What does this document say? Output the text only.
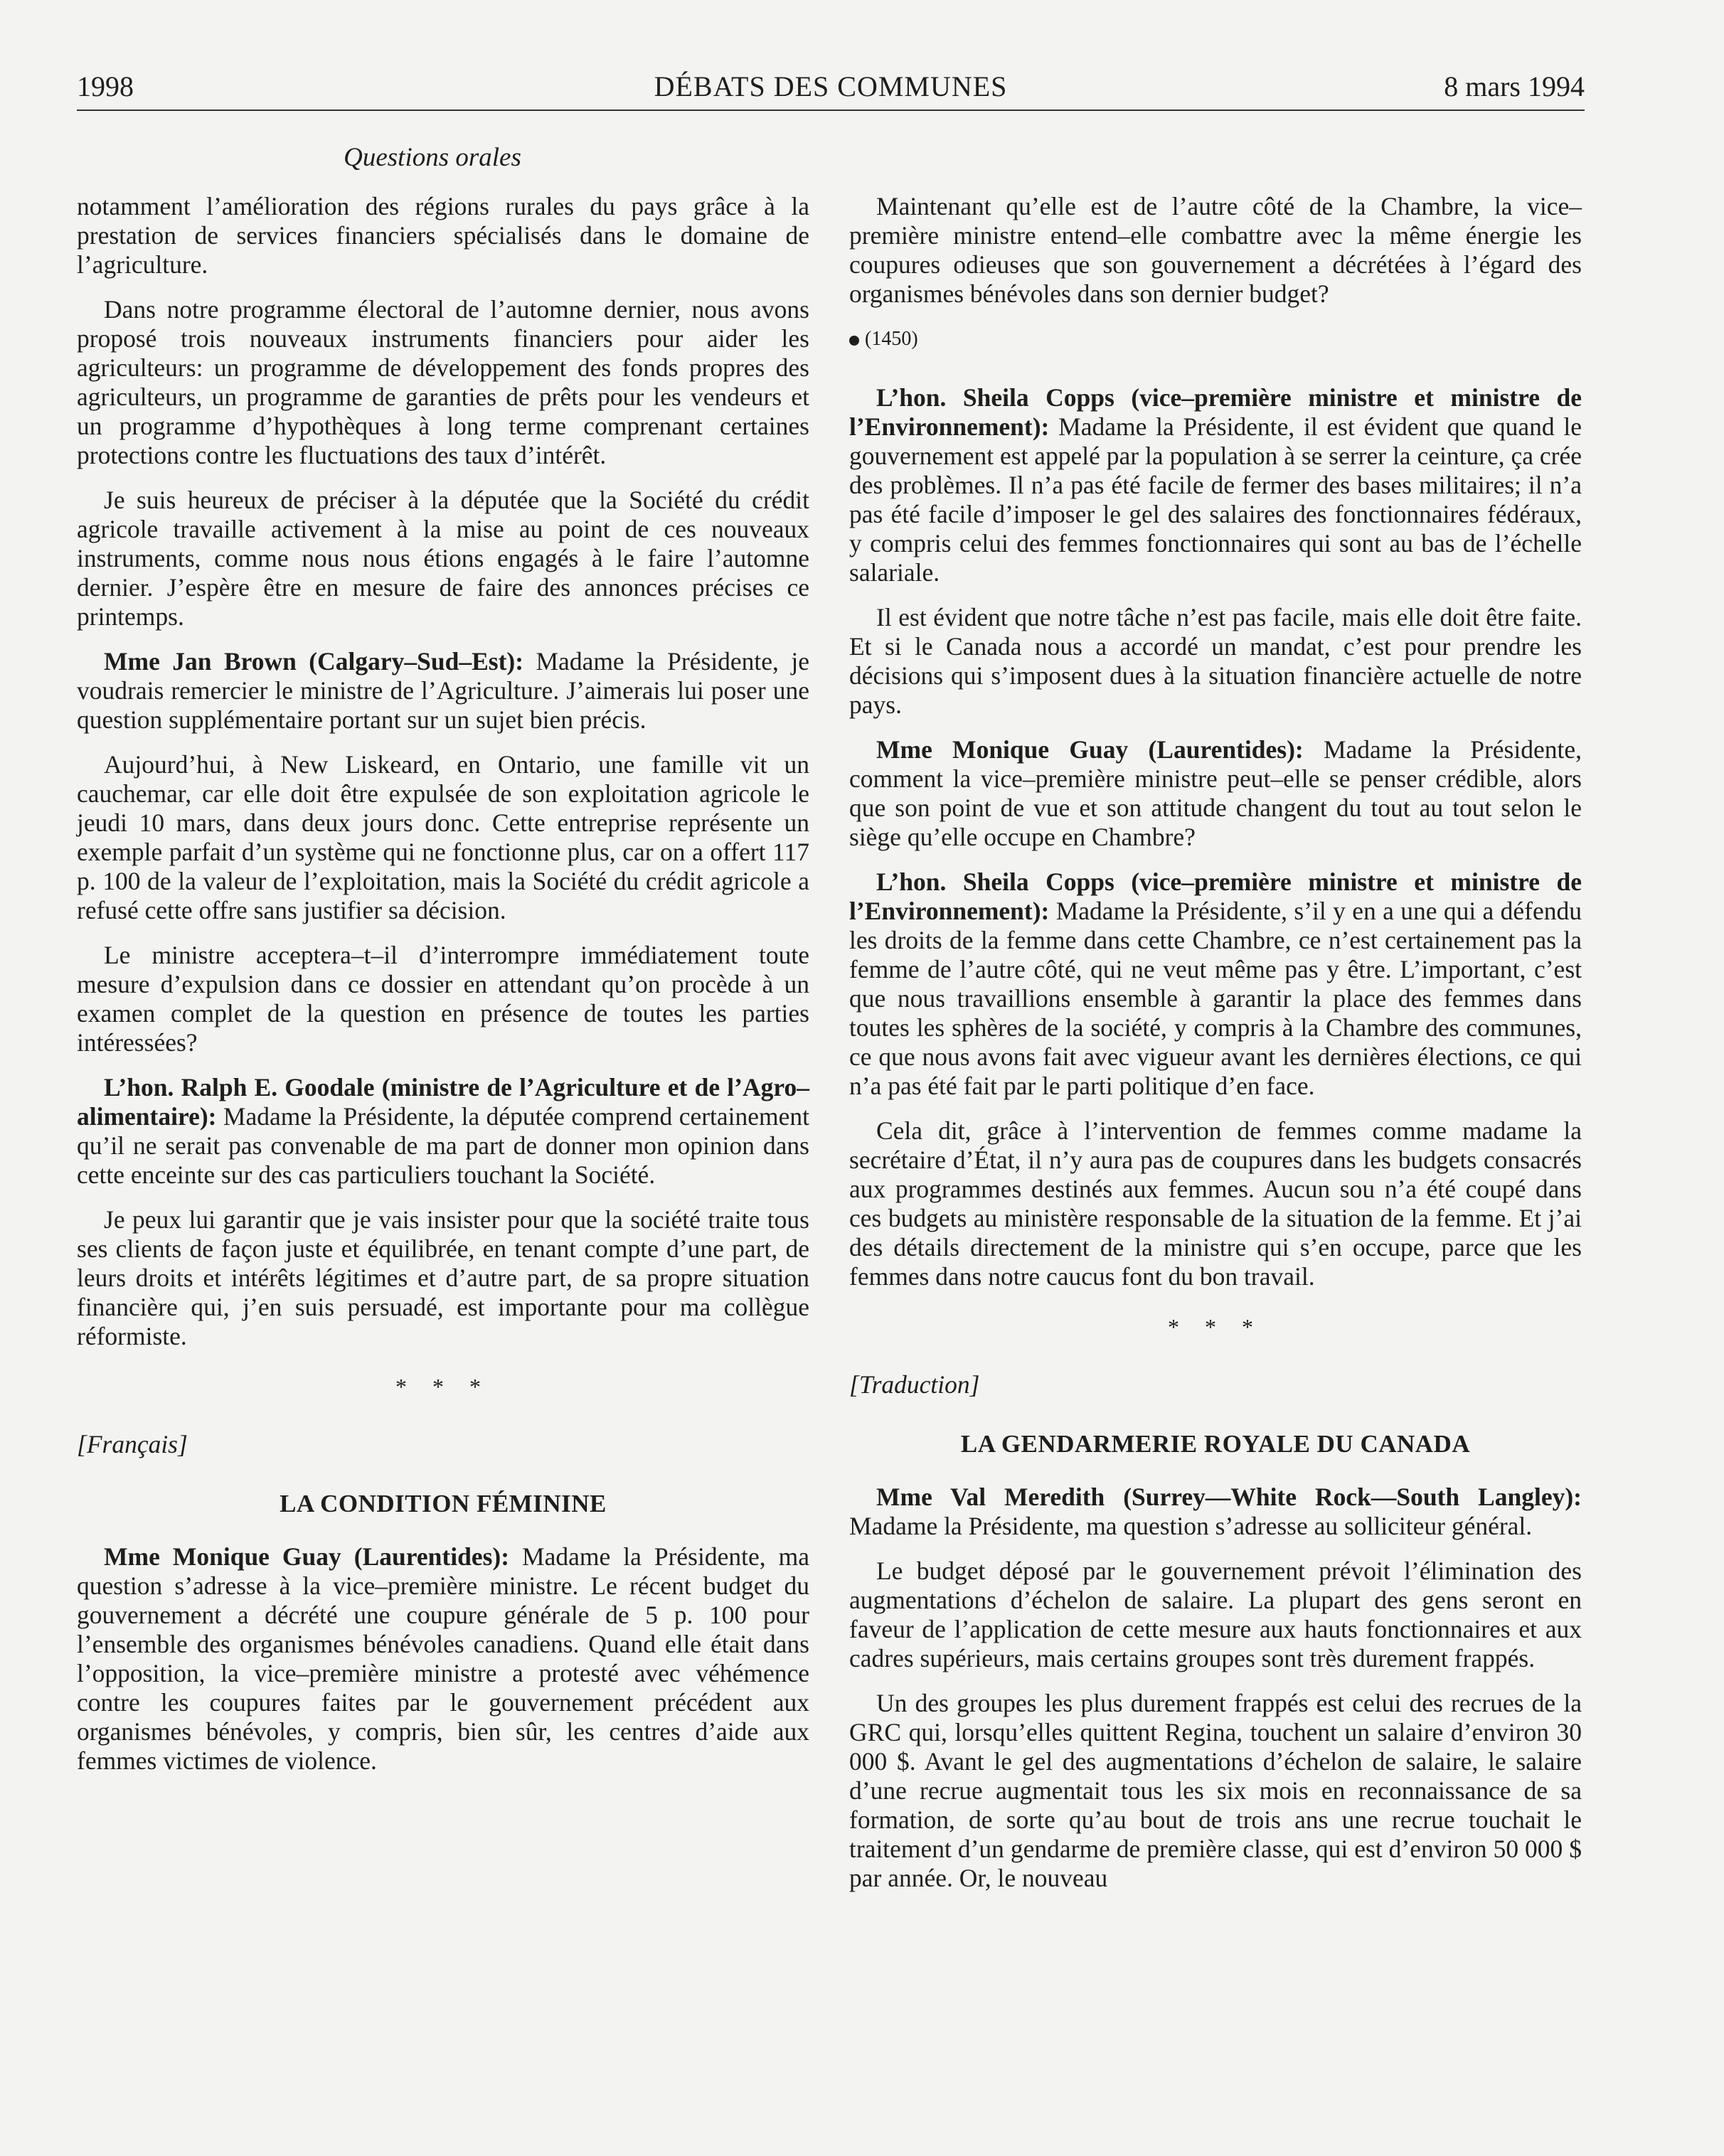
1998	DÉBATS DES COMMUNES	8 mars 1994
Questions orales

notamment l’amélioration des régions rurales du pays grâce à la prestation de services financiers spécialisés dans le domaine de l’agriculture.

Dans notre programme électoral de l’automne dernier, nous avons proposé trois nouveaux instruments financiers pour aider les agriculteurs: un programme de développement des fonds propres des agriculteurs, un programme de garanties de prêts pour les vendeurs et un programme d’hypothèques à long terme comprenant certaines protections contre les fluctuations des taux d’intérêt.

Je suis heureux de préciser à la députée que la Société du crédit agricole travaille activement à la mise au point de ces nouveaux instruments, comme nous nous étions engagés à le faire l’automne dernier. J’espère être en mesure de faire des annonces précises ce printemps.

Mme Jan Brown (Calgary–Sud–Est): Madame la Présidente, je voudrais remercier le ministre de l’Agriculture. J’aimerais lui poser une question supplémentaire portant sur un sujet bien précis.

Aujourd’hui, à New Liskeard, en Ontario, une famille vit un cauchemar, car elle doit être expulsée de son exploitation agricole le jeudi 10 mars, dans deux jours donc. Cette entreprise représente un exemple parfait d’un système qui ne fonctionne plus, car on a offert 117 p. 100 de la valeur de l’exploitation, mais la Société du crédit agricole a refusé cette offre sans justifier sa décision.

Le ministre acceptera–t–il d’interrompre immédiatement toute mesure d’expulsion dans ce dossier en attendant qu’on procède à un examen complet de la question en présence de toutes les parties intéressées?

L’hon. Ralph E. Goodale (ministre de l’Agriculture et de l’Agro–alimentaire): Madame la Présidente, la députée comprend certainement qu’il ne serait pas convenable de ma part de donner mon opinion dans cette enceinte sur des cas particuliers touchant la Société.

Je peux lui garantir que je vais insister pour que la société traite tous ses clients de façon juste et équilibrée, en tenant compte d’une part, de leurs droits et intérêts légitimes et d’autre part, de sa propre situation financière qui, j’en suis persuadé, est importante pour ma collègue réformiste.

* * *
[Français]
LA CONDITION FÉMININE

Mme Monique Guay (Laurentides): Madame la Présidente, ma question s’adresse à la vice–première ministre. Le récent budget du gouvernement a décrété une coupure générale de 5 p. 100 pour l’ensemble des organismes bénévoles canadiens. Quand elle était dans l’opposition, la vice–première ministre a protesté avec véhémence contre les coupures faites par le gouvernement précédent aux organismes bénévoles, y compris, bien sûr, les centres d’aide aux femmes victimes de violence.

Maintenant qu’elle est de l’autre côté de la Chambre, la vice–première ministre entend–elle combattre avec la même énergie les coupures odieuses que son gouvernement a décrétées à l’égard des organismes bénévoles dans son dernier budget?

(1450)

L’hon. Sheila Copps (vice–première ministre et ministre de l’Environnement): Madame la Présidente, il est évident que quand le gouvernement est appelé par la population à se serrer la ceinture, ça crée des problèmes. Il n’a pas été facile de fermer des bases militaires; il n’a pas été facile d’imposer le gel des salaires des fonctionnaires fédéraux, y compris celui des femmes fonctionnaires qui sont au bas de l’échelle salariale.

Il est évident que notre tâche n’est pas facile, mais elle doit être faite. Et si le Canada nous a accordé un mandat, c’est pour prendre les décisions qui s’imposent dues à la situation financière actuelle de notre pays.

Mme Monique Guay (Laurentides): Madame la Présidente, comment la vice–première ministre peut–elle se penser crédible, alors que son point de vue et son attitude changent du tout au tout selon le siège qu’elle occupe en Chambre?

L’hon. Sheila Copps (vice–première ministre et ministre de l’Environnement): Madame la Présidente, s’il y en a une qui a défendu les droits de la femme dans cette Chambre, ce n’est certainement pas la femme de l’autre côté, qui ne veut même pas y être. L’important, c’est que nous travaillions ensemble à garantir la place des femmes dans toutes les sphères de la société, y compris à la Chambre des communes, ce que nous avons fait avec vigueur avant les dernières élections, ce qui n’a pas été fait par le parti politique d’en face.

Cela dit, grâce à l’intervention de femmes comme madame la secrétaire d’État, il n’y aura pas de coupures dans les budgets consacrés aux programmes destinés aux femmes. Aucun sou n’a été coupé dans ces budgets au ministère responsable de la situation de la femme. Et j’ai des détails directement de la ministre qui s’en occupe, parce que les femmes dans notre caucus font du bon travail.

* * *
[Traduction]
LA GENDARMERIE ROYALE DU CANADA

Mme Val Meredith (Surrey—White Rock—South Langley): Madame la Présidente, ma question s’adresse au solliciteur général.

Le budget déposé par le gouvernement prévoit l’élimination des augmentations d’échelon de salaire. La plupart des gens seront en faveur de l’application de cette mesure aux hauts fonctionnaires et aux cadres supérieurs, mais certains groupes sont très durement frappés.

Un des groupes les plus durement frappés est celui des recrues de la GRC qui, lorsqu’elles quittent Regina, touchent un salaire d’environ 30 000 $. Avant le gel des augmentations d’échelon de salaire, le salaire d’une recrue augmentait tous les six mois en reconnaissance de sa formation, de sorte qu’au bout de trois ans une recrue touchait le traitement d’un gendarme de première classe, qui est d’environ 50 000 $ par année. Or, le nouveau
